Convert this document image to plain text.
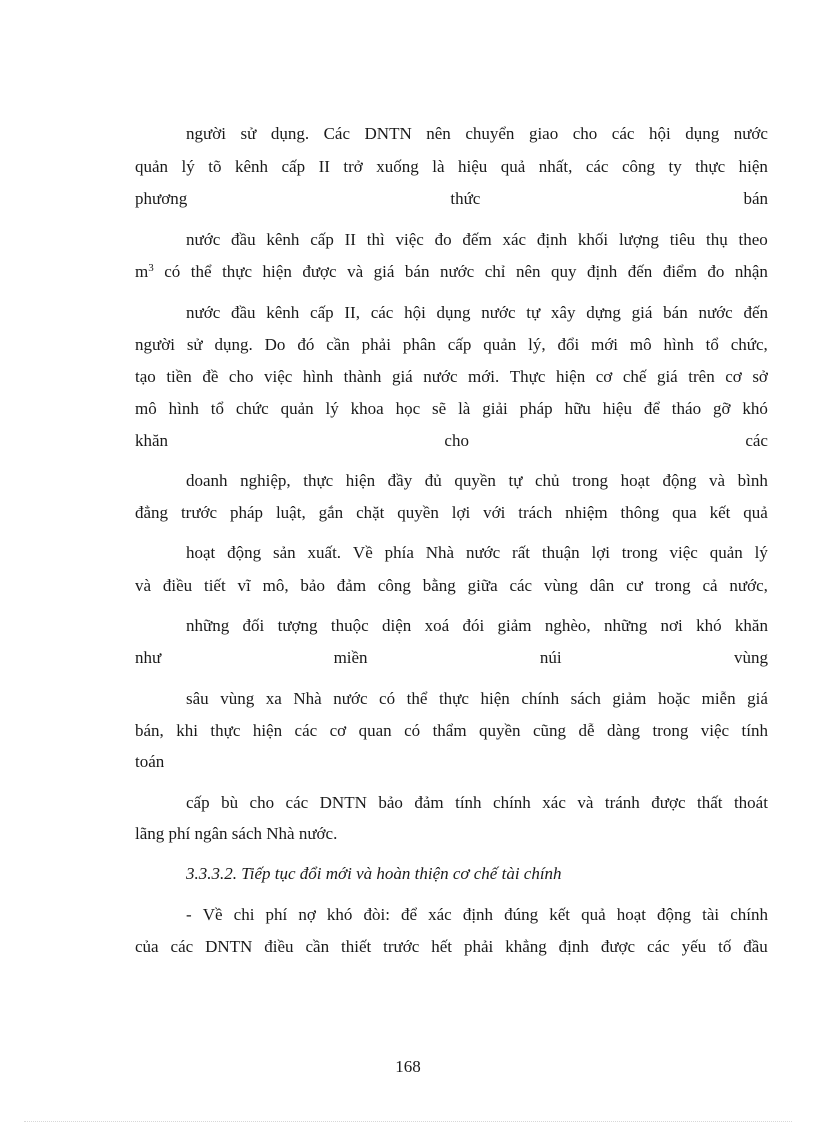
người sử dụng. Các DNTN nên chuyển giao cho các hội dụng nước
quản lý tõ kênh cấp II trở xuống là hiệu quả nhất, các công ty thực hiện
phương	thức	bán
nước đầu kênh cấp II thì việc đo đếm xác định khối lượng tiêu thụ theo
$m^3$ có thể thực hiện được và giá bán nước chỉ nên quy định đến điểm đo nhận
nước đầu kênh cấp II, các hội dụng nước tự xây dựng giá bán nước đến
người sử dụng. Do đó cần phải phân cấp quản lý, đổi mới mô hình tổ chức,
tạo tiền đề cho việc hình thành giá nước mới. Thực hiện cơ chế giá trên cơ sở
mô hình tổ chức quản lý khoa học sẽ là giải pháp hữu hiệu để tháo gỡ khó
khăn	cho	các
doanh nghiệp, thực hiện đầy đủ quyền tự chủ trong hoạt động và bình
đẳng trước pháp luật, gắn chặt quyền lợi với trách nhiệm thông qua kết quả
hoạt động sản xuất. Về phía Nhà nước rất thuận lợi trong việc quản lý
và điều tiết vĩ mô, bảo đảm công bằng giữa các vùng dân cư trong cả nước,
những đối tượng thuộc diện xoá đói giảm nghèo, những nơi khó khăn
như	miền	núi	vùng
sâu vùng xa Nhà nước có thể thực hiện chính sách giảm hoặc miễn giá
bán, khi thực hiện các cơ quan có thẩm quyền cũng dễ dàng trong việc tính
toán
cấp bù cho các DNTN bảo đảm tính chính xác và tránh được thất thoát
lãng phí ngân sách Nhà nước.
3.3.3.2. Tiếp tục đổi mới và hoàn thiện cơ chế tài chính
- Về chi phí nợ khó đòi: để xác định đúng kết quả hoạt động tài chính
của các DNTN điều cần thiết trước hết phải khẳng định được các yếu tố đầu
168
